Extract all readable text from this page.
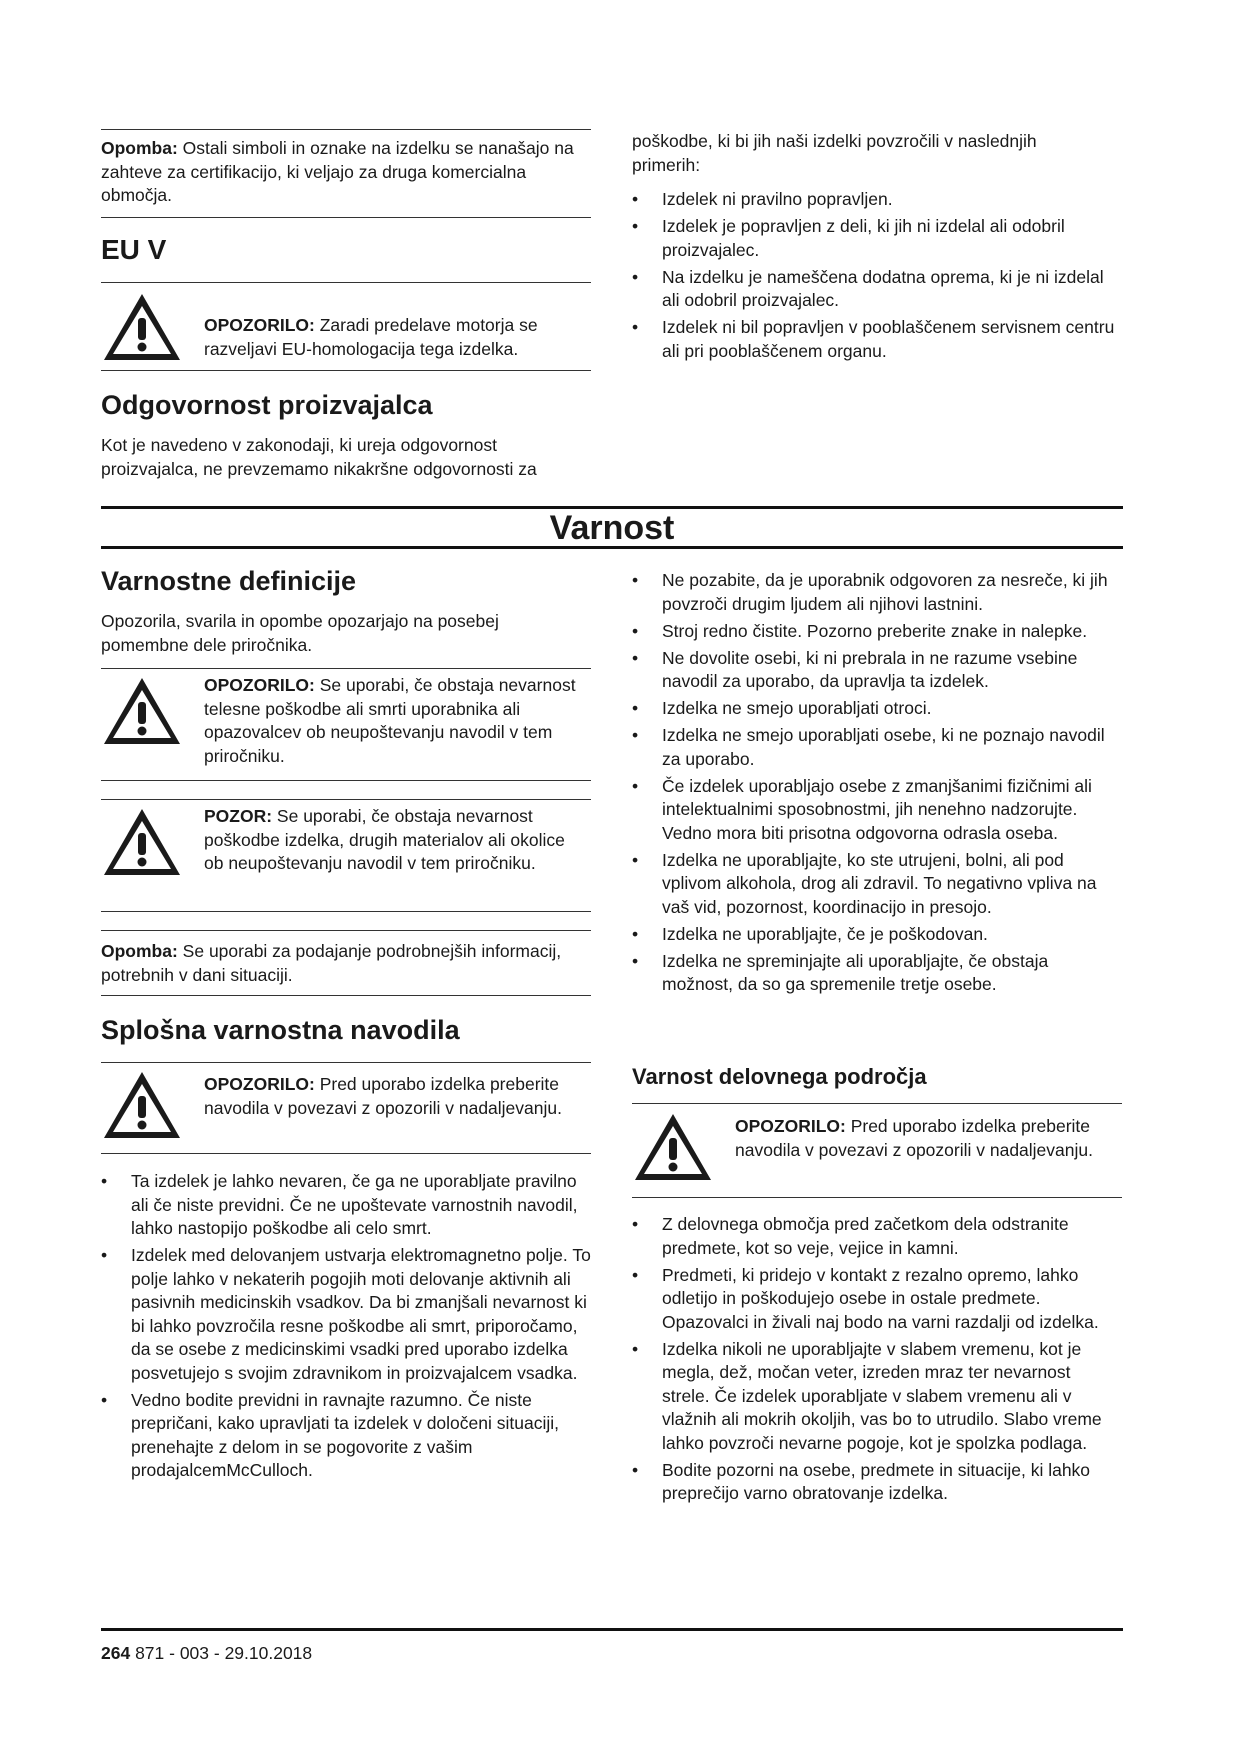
Opomba: Ostali simboli in oznake na izdelku se nanašajo na zahteve za certifikacijo, ki veljajo za druga komercialna območja.

EU V
OPOZORILO: Zaradi predelave motorja se razveljavi EU-homologacija tega izdelka.
Odgovornost proizvajalca

Kot je navedeno v zakonodaji, ki ureja odgovornost proizvajalca, ne prevzemamo nikakršne odgovornosti za

poškodbe, ki bi jih naši izdelki povzročili v naslednjih primerih:

•	Izdelek ni pravilno popravljen.
•	Izdelek je popravljen z deli, ki jih ni izdelal ali odobril proizvajalec.
•	Na izdelku je nameščena dodatna oprema, ki je ni izdelal ali odobril proizvajalec.
•	Izdelek ni bil popravljen v pooblaščenem servisnem centru ali pri pooblaščenem organu.
Varnost
Varnostne definicije

Opozorila, svarila in opombe opozarjajo na posebej pomembne dele priročnika.

OPOZORILO: Se uporabi, če obstaja nevarnost telesne poškodbe ali smrti uporabnika ali opazovalcev ob neupoštevanju navodil v tem priročniku.
POZOR: Se uporabi, če obstaja nevarnost poškodbe izdelka, drugih materialov ali okolice ob neupoštevanju navodil v tem priročniku.

Opomba: Se uporabi za podajanje podrobnejših informacij, potrebnih v dani situaciji.

Splošna varnostna navodila
OPOZORILO: Pred uporabo izdelka preberite navodila v povezavi z opozorili v nadaljevanju.
•	Ta izdelek je lahko nevaren, če ga ne uporabljate pravilno ali če niste previdni. Če ne upoštevate varnostnih navodil, lahko nastopijo poškodbe ali celo smrt.
•	Izdelek med delovanjem ustvarja elektromagnetno polje. To polje lahko v nekaterih pogojih moti delovanje aktivnih ali pasivnih medicinskih vsadkov. Da bi zmanjšali nevarnost ki bi lahko povzročila resne poškodbe ali smrt, priporočamo, da se osebe z medicinskimi vsadki pred uporabo izdelka posvetujejo s svojim zdravnikom in proizvajalcem vsadka.
•	Vedno bodite previdni in ravnajte razumno. Če niste prepričani, kako upravljati ta izdelek v določeni situaciji, prenehajte z delom in se pogovorite z vašim prodajalcemMcCulloch.
•	Ne pozabite, da je uporabnik odgovoren za nesreče, ki jih povzroči drugim ljudem ali njihovi lastnini.
•	Stroj redno čistite. Pozorno preberite znake in nalepke.
•	Ne dovolite osebi, ki ni prebrala in ne razume vsebine navodil za uporabo, da upravlja ta izdelek.
•	Izdelka ne smejo uporabljati otroci.
•	Izdelka ne smejo uporabljati osebe, ki ne poznajo navodil za uporabo.
•	Če izdelek uporabljajo osebe z zmanjšanimi fizičnimi ali intelektualnimi sposobnostmi, jih nenehno nadzorujte. Vedno mora biti prisotna odgovorna odrasla oseba.
•	Izdelka ne uporabljajte, ko ste utrujeni, bolni, ali pod vplivom alkohola, drog ali zdravil. To negativno vpliva na vaš vid, pozornost, koordinacijo in presojo.
•	Izdelka ne uporabljajte, če je poškodovan.
•	Izdelka ne spreminjajte ali uporabljajte, če obstaja možnost, da so ga spremenile tretje osebe.
Varnost delovnega področja
OPOZORILO: Pred uporabo izdelka preberite navodila v povezavi z opozorili v nadaljevanju.
•	Z delovnega območja pred začetkom dela odstranite predmete, kot so veje, vejice in kamni.
•	Predmeti, ki pridejo v kontakt z rezalno opremo, lahko odletijo in poškodujejo osebe in ostale predmete. Opazovalci in živali naj bodo na varni razdalji od izdelka.
•	Izdelka nikoli ne uporabljajte v slabem vremenu, kot je megla, dež, močan veter, izreden mraz ter nevarnost strele. Če izdelek uporabljate v slabem vremenu ali v vlažnih ali mokrih okoljih, vas bo to utrudilo. Slabo vreme lahko povzroči nevarne pogoje, kot je spolzka podlaga.
•	Bodite pozorni na osebe, predmete in situacije, ki lahko preprečijo varno obratovanje izdelka.
264 871 - 003 - 29.10.2018
